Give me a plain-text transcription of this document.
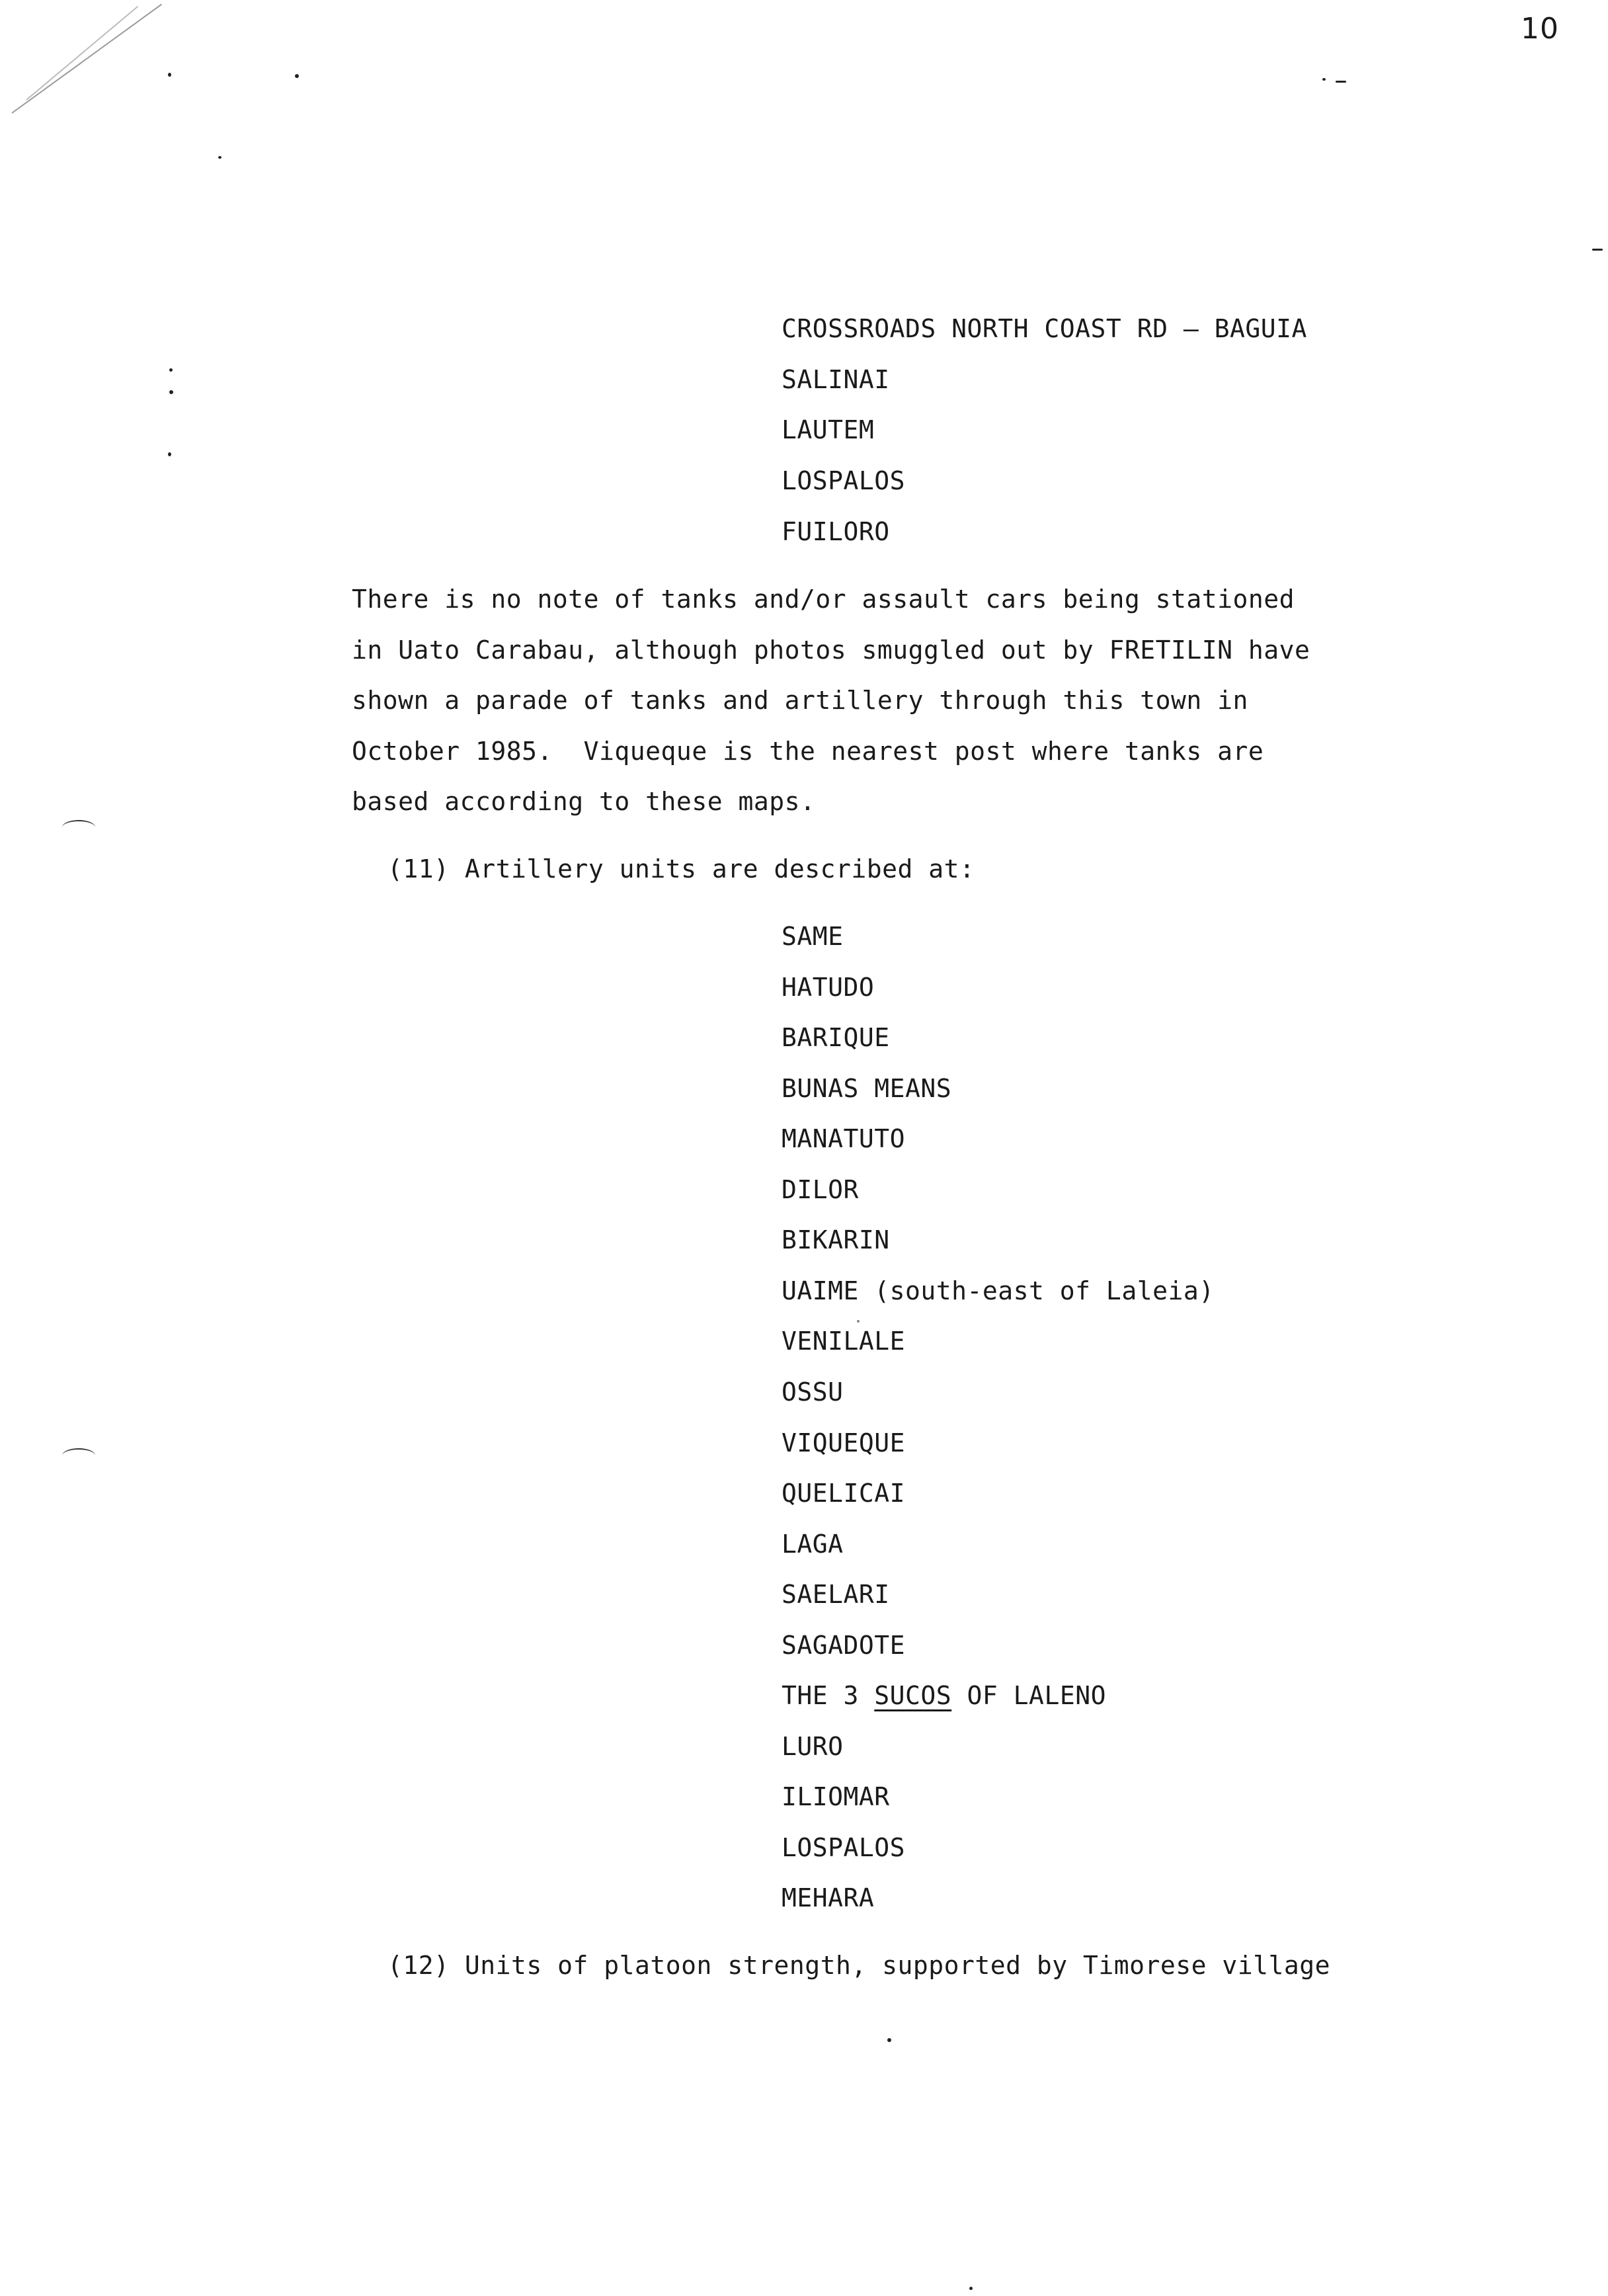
10
CROSSROADS NORTH COAST RD — BAGUIA
SALINAI
LAUTEM
LOSPALOS
FUILORO
There is no note of tanks and/or assault cars being stationed
in Uato Carabau, although photos smuggled out by FRETILIN have
shown a parade of tanks and artillery through this town in
October 1985.  Viqueque is the nearest post where tanks are
based according to these maps.
(11) Artillery units are described at:
SAME
HATUDO
BARIQUE
BUNAS MEANS
MANATUTO
DILOR
BIKARIN
UAIME (south-east of Laleia)
VENILALE
OSSU
VIQUEQUE
QUELICAI
LAGA
SAELARI
SAGADOTE
THE 3 SUCOS OF LALENO
LURO
ILIOMAR
LOSPALOS
MEHARA
(12) Units of platoon strength, supported by Timorese village
